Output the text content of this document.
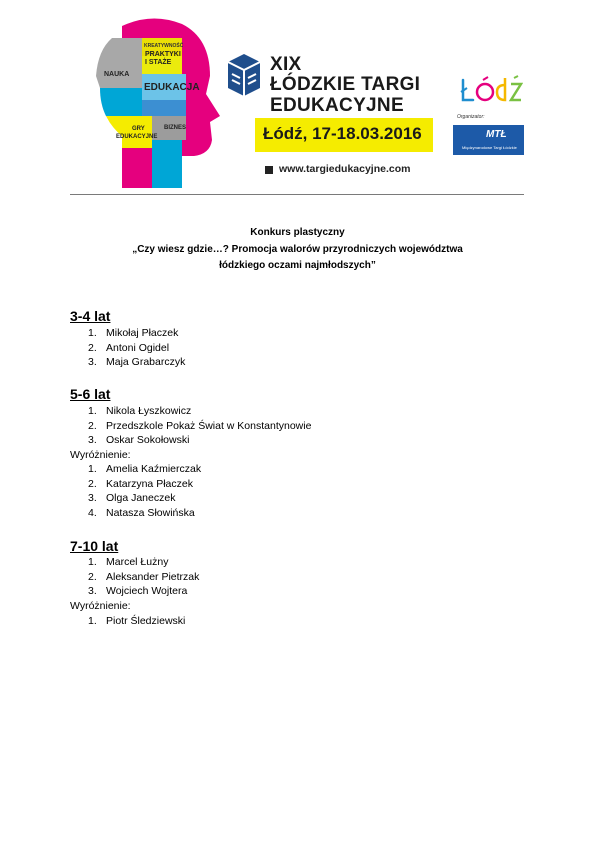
KREATYWNOŚĆ
PRAKTYKI
I STAŻE
NAUKA
EDUKACJA
BIZNES
GRY
EDUKACYJNE
XIX
ŁÓDZKIE TARGI
EDUKACYJNE
Łódź, 17-18.03.2016
www.targiedukacyjne.com
Organizator:
MTŁ
Międzynarodowe Targi Łódzkie
Konkurs plastyczny
„Czy wiesz gdzie…? Promocja walorów przyrodniczych województwa
łódzkiego oczami najmłodszych”
3-4 lat
1. Mikołaj Płaczek
2. Antoni Ogidel
3. Maja Grabarczyk
5-6 lat
1. Nikola Łyszkowicz
2. Przedszkole Pokaż Świat w Konstantynowie
3. Oskar Sokołowski
Wyróżnienie:
1. Amelia Kaźmierczak
2. Katarzyna Płaczek
3. Olga Janeczek
4. Natasza Słowińska
7-10 lat
1. Marcel Łużny
2. Aleksander Pietrzak
3. Wojciech Wojtera
Wyróżnienie:
1. Piotr Śledziewski
